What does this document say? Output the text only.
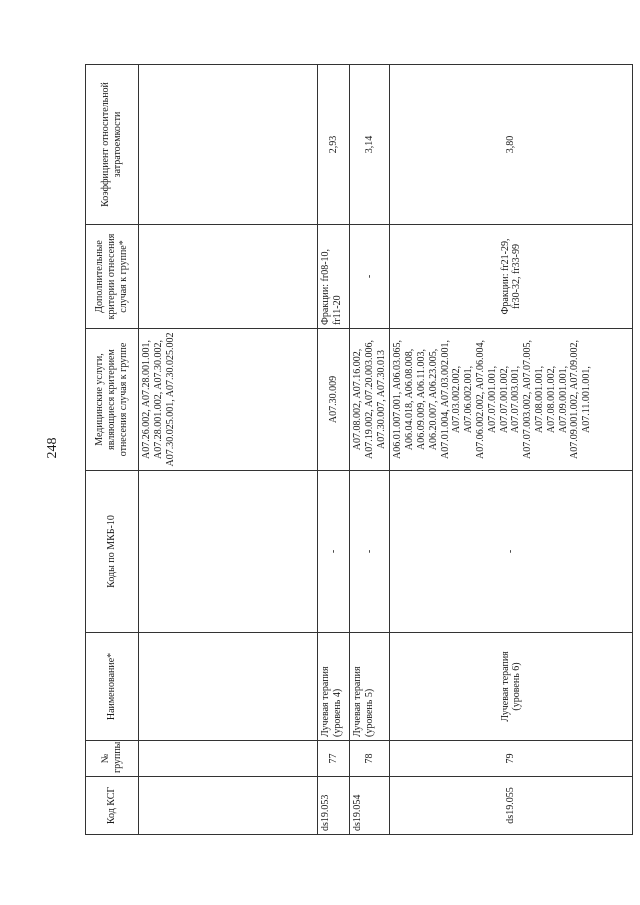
248
Код КСГ	№ группы	Наименование*	Коды по МКБ-10	Медицинские услуги, являющиеся критерием отнесения случая к группе	Дополнительные критерии отнесения случая к группе*	Коэффициент относительной затратоемкости
				A07.26.002, A07.28.001.001, A07.28.001.002, A07.30.002, A07.30.025.001, A07.30.025.002		
ds19.053	77	Лучевая терапия (уровень 4)	-	A07.30.009	Фракции: fr08-10, fr11-20	2,93
ds19.054	78	Лучевая терапия (уровень 5)	-	A07.08.002, A07.16.002, A07.19.002, A07.20.003.006, A07.30.007, A07.30.013	-	3,14
ds19.055	79	Лучевая терапия (уровень 6)	-	A06.01.007.001, A06.03.065, A06.04.018, A06.08.008, A06.09.009, A06.11.003, A06.20.007, A06.23.005, A07.01.004, A07.03.002.001, A07.03.002.002, A07.06.002.001, A07.06.002.002, A07.06.004, A07.07.001.001, A07.07.001.002, A07.07.003.001, A07.07.003.002, A07.07.005, A07.08.001.001, A07.08.001.002, A07.09.001.001, A07.09.001.002, A07.09.002, A07.11.001.001,	Фракции: fr21-29, fr30-32, fr33-99	3,80
